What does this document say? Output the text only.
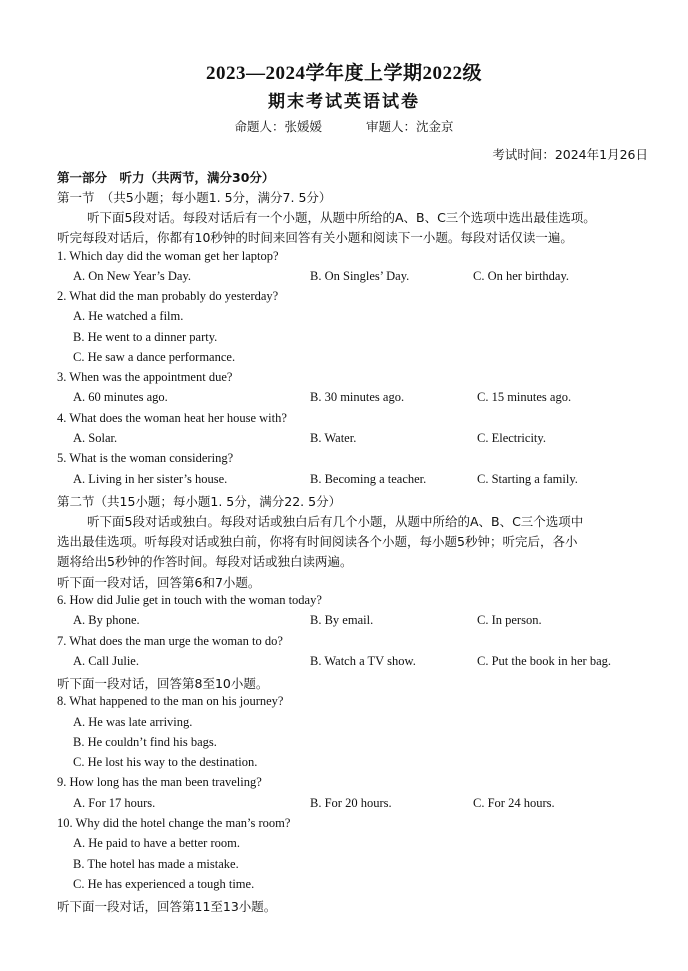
2023—2024学年度上学期2022级
期末考试英语试卷
命题人：张媛媛	审题人：沈金京
考试时间：2024年1月26日
第一部分　听力（共两节，满分30分）
第一节　（共5小题；每小题1. 5分，满分7. 5分）
听下面5段对话。每段对话后有一个小题，从题中所给的A、B、C三个选项中选出最佳选项。
听完每段对话后，你都有10秒钟的时间来回答有关小题和阅读下一小题。每段对话仅读一遍。
1. Which day did the woman get her laptop?
A. On New Year’s Day.	B. On Singles’ Day.	C. On her birthday.
2. What did the man probably do yesterday?
A. He watched a film.
B. He went to a dinner party.
C. He saw a dance performance.
3. When was the appointment due?
A. 60 minutes ago.	B. 30 minutes ago.	C. 15 minutes ago.
4. What does the woman heat her house with?
A. Solar.	B. Water.	C. Electricity.
5. What is the woman considering?
A. Living in her sister’s house.	B. Becoming a teacher.	C. Starting a family.
第二节（共15小题；每小题1. 5分，满分22. 5分）
听下面5段对话或独白。每段对话或独白后有几个小题，从题中所给的A、B、C三个选项中
选出最佳选项。听每段对话或独白前，你将有时间阅读各个小题，每小题5秒钟；听完后，各小
题将给出5秒钟的作答时间。每段对话或独白读两遍。
听下面一段对话，回答第6和7小题。
6. How did Julie get in touch with the woman today?
A. By phone.	B. By email.	C. In person.
7. What does the man urge the woman to do?
A. Call Julie.	B. Watch a TV show.	C. Put the book in her bag.
听下面一段对话，回答第8至10小题。
8. What happened to the man on his journey?
A. He was late arriving.
B. He couldn’t find his bags.
C. He lost his way to the destination.
9. How long has the man been traveling?
A. For 17 hours.	B. For 20 hours.	C. For 24 hours.
10. Why did the hotel change the man’s room?
A. He paid to have a better room.
B. The hotel has made a mistake.
C. He has experienced a tough time.
听下面一段对话，回答第11至13小题。
